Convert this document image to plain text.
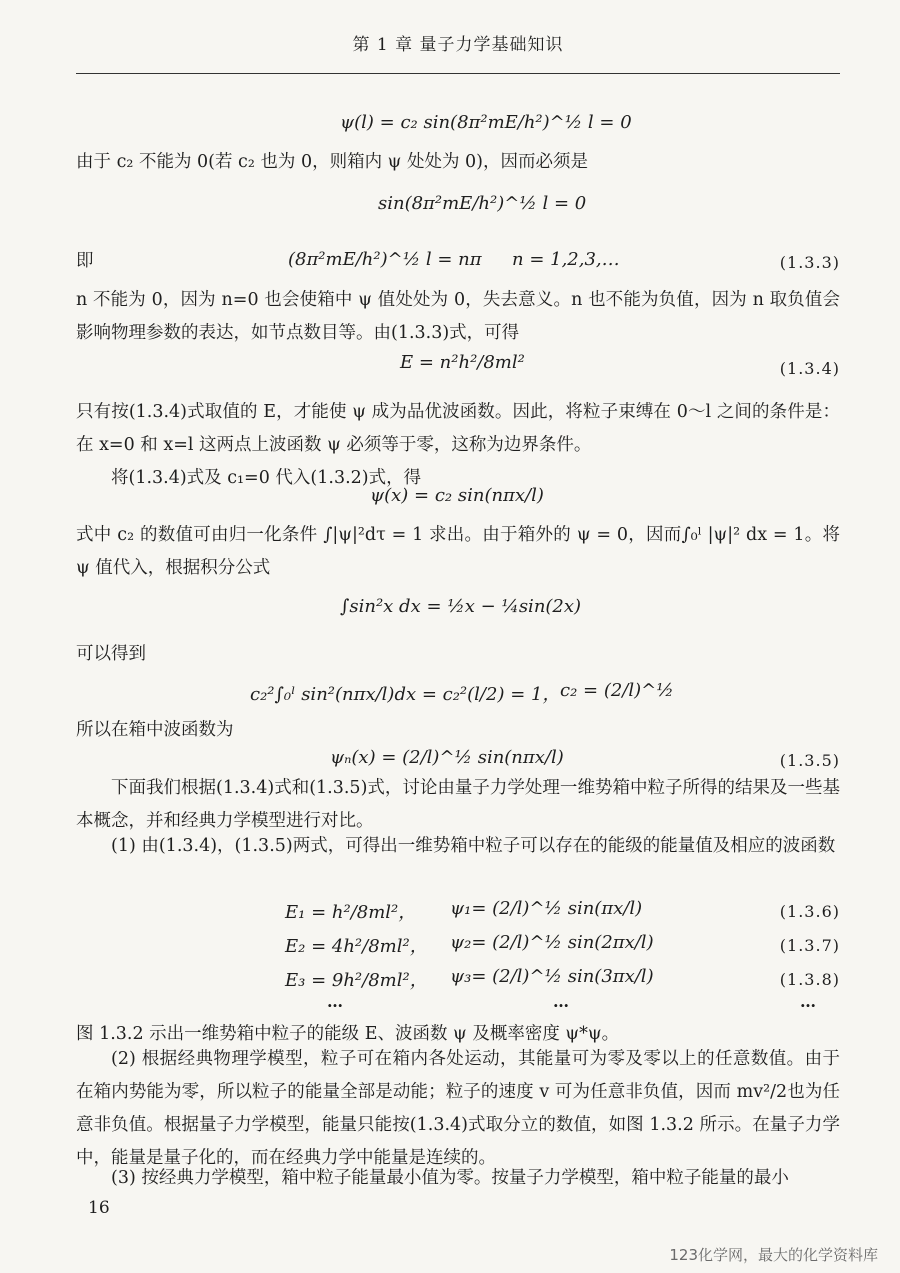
第 1 章 量子力学基础知识
ψ(l) = c₂ sin(8π²mE/h²)^½ l = 0
由于 c₂ 不能为 0(若 c₂ 也为 0，则箱内 ψ 处处为 0)，因而必须是
sin(8π²mE/h²)^½ l = 0
即	(8π²mE/h²)^½ l = nπ n = 1,2,3,…	(1.3.3)
n 不能为 0，因为 n=0 也会使箱中 ψ 值处处为 0，失去意义。n 也不能为负值，因为 n 取负值会影响物理参数的表达，如节点数目等。由(1.3.3)式，可得
E = n²h²/8ml²	(1.3.4)
只有按(1.3.4)式取值的 E，才能使 ψ 成为品优波函数。因此，将粒子束缚在 0～l 之间的条件是：在 x=0 和 x=l 这两点上波函数 ψ 必须等于零，这称为边界条件。
将(1.3.4)式及 c₁=0 代入(1.3.2)式，得
ψ(x) = c₂ sin(nπx/l)
式中 c₂ 的数值可由归一化条件 ∫|ψ|²dτ = 1 求出。由于箱外的 ψ = 0，因而∫₀ˡ |ψ|² dx = 1。将 ψ 值代入，根据积分公式
∫sin²x dx = ½x − ¼sin(2x)
可以得到
c₂²∫₀ˡ sin²(nπx/l)dx = c₂²(l/2) = 1， c₂ = (2/l)^½
所以在箱中波函数为
ψₙ(x) = (2/l)^½ sin(nπx/l)	(1.3.5)
下面我们根据(1.3.4)式和(1.3.5)式，讨论由量子力学处理一维势箱中粒子所得的结果及一些基本概念，并和经典力学模型进行对比。
(1) 由(1.3.4)，(1.3.5)两式，可得出一维势箱中粒子可以存在的能级的能量值及相应的波函数
E₁ = h²/8ml²， ψ₁= (2/l)^½ sin(πx/l)	(1.3.6)
E₂ = 4h²/8ml²， ψ₂= (2/l)^½ sin(2πx/l)	(1.3.7)
E₃ = 9h²/8ml²， ψ₃= (2/l)^½ sin(3πx/l)	(1.3.8)
…	…	…
图 1.3.2 示出一维势箱中粒子的能级 E、波函数 ψ 及概率密度 ψ*ψ。
(2) 根据经典物理学模型，粒子可在箱内各处运动，其能量可为零及零以上的任意数值。由于在箱内势能为零，所以粒子的能量全部是动能；粒子的速度 v 可为任意非负值，因而 mv²/2也为任意非负值。根据量子力学模型，能量只能按(1.3.4)式取分立的数值，如图 1.3.2 所示。在量子力学中，能量是量子化的，而在经典力学中能量是连续的。
(3) 按经典力学模型，箱中粒子能量最小值为零。按量子力学模型，箱中粒子能量的最小
16
123化学网，最大的化学资料库
